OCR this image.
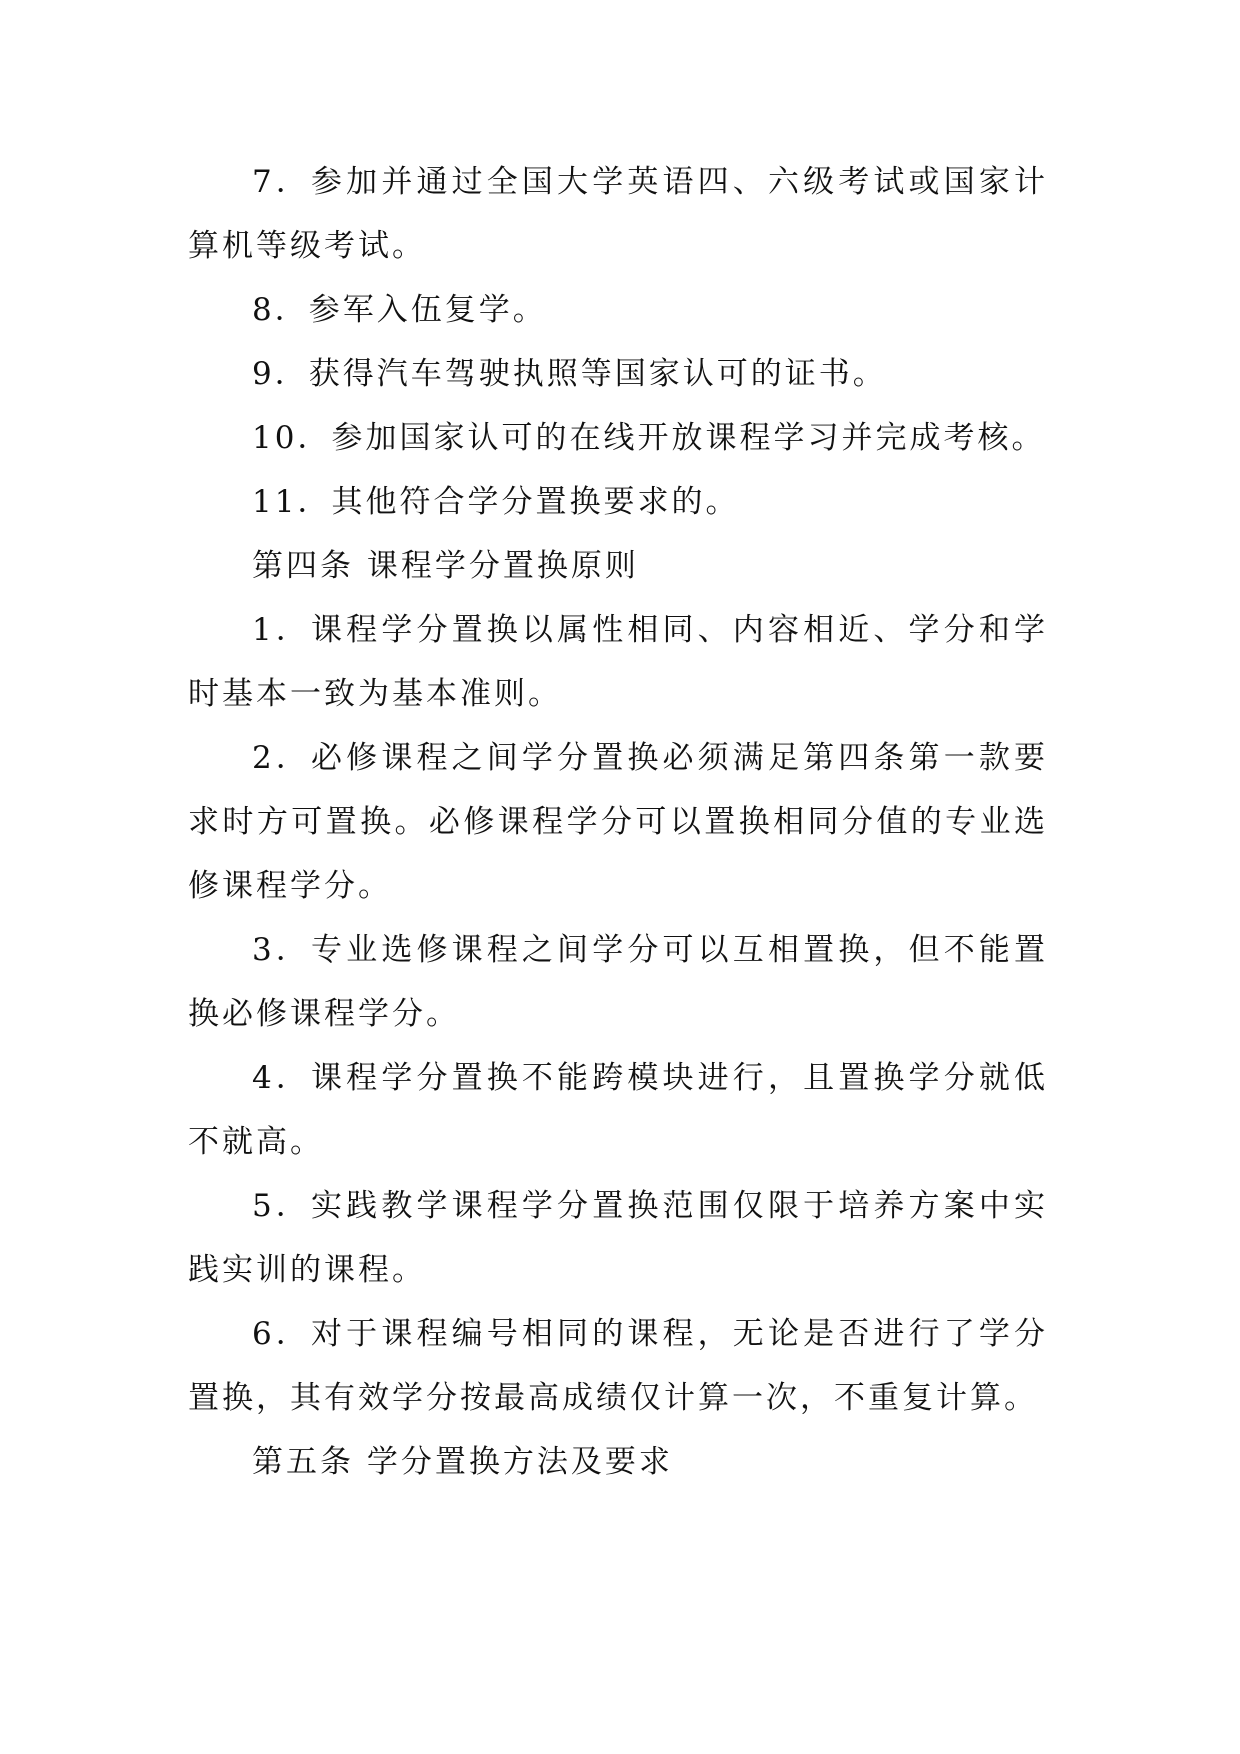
7．参加并通过全国大学英语四、六级考试或国家计算机等级考试。

8．参军入伍复学。

9．获得汽车驾驶执照等国家认可的证书。

10．参加国家认可的在线开放课程学习并完成考核。

11．其他符合学分置换要求的。

第四条 课程学分置换原则

1．课程学分置换以属性相同、内容相近、学分和学时基本一致为基本准则。

2．必修课程之间学分置换必须满足第四条第一款要求时方可置换。必修课程学分可以置换相同分值的专业选修课程学分。

3．专业选修课程之间学分可以互相置换，但不能置换必修课程学分。

4．课程学分置换不能跨模块进行，且置换学分就低不就高。

5．实践教学课程学分置换范围仅限于培养方案中实践实训的课程。

6．对于课程编号相同的课程，无论是否进行了学分置换，其有效学分按最高成绩仅计算一次，不重复计算。

第五条 学分置换方法及要求
